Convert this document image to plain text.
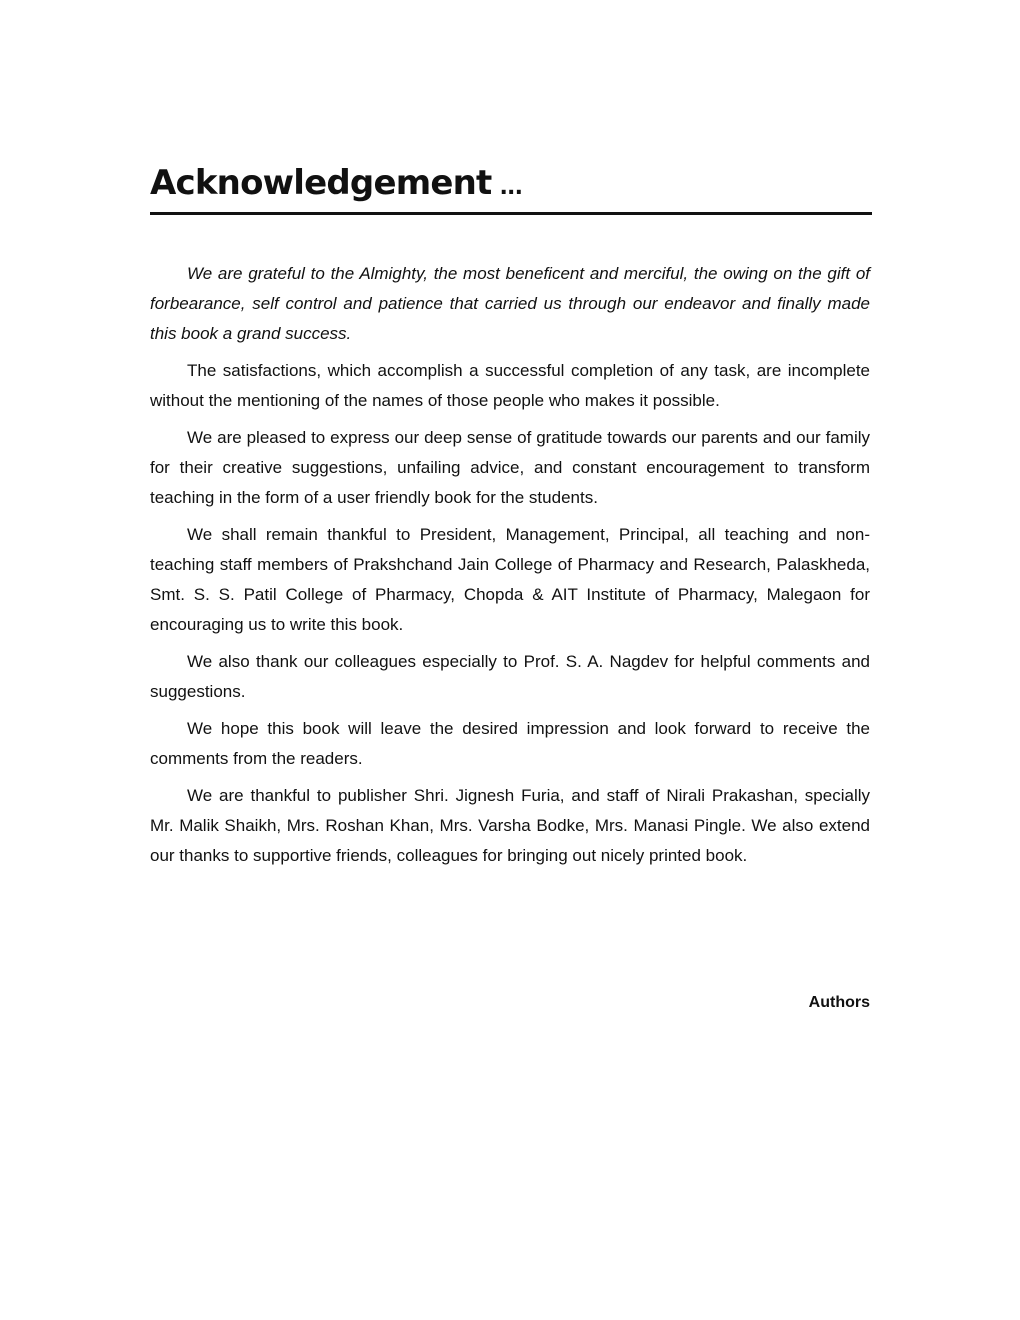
Acknowledgement ...

We are grateful to the Almighty, the most beneficent and merciful, the owing on the gift of forbearance, self control and patience that carried us through our endeavor and finally made this book a grand success.

The satisfactions, which accomplish a successful completion of any task, are incomplete without the mentioning of the names of those people who makes it possible.

We are pleased to express our deep sense of gratitude towards our parents and our family for their creative suggestions, unfailing advice, and constant encouragement to transform teaching in the form of a user friendly book for the students.

We shall remain thankful to President, Management, Principal, all teaching and non-teaching staff members of Prakshchand Jain College of Pharmacy and Research, Palaskheda, Smt. S. S. Patil College of Pharmacy, Chopda & AIT Institute of Pharmacy, Malegaon for encouraging us to write this book.

We also thank our colleagues especially to Prof. S. A. Nagdev for helpful comments and suggestions.

We hope this book will leave the desired impression and look forward to receive the comments from the readers.

We are thankful to publisher Shri. Jignesh Furia, and staff of Nirali Prakashan, specially Mr. Malik Shaikh, Mrs. Roshan Khan, Mrs. Varsha Bodke, Mrs. Manasi Pingle. We also extend our thanks to supportive friends, colleagues for bringing out nicely printed book.

Authors
